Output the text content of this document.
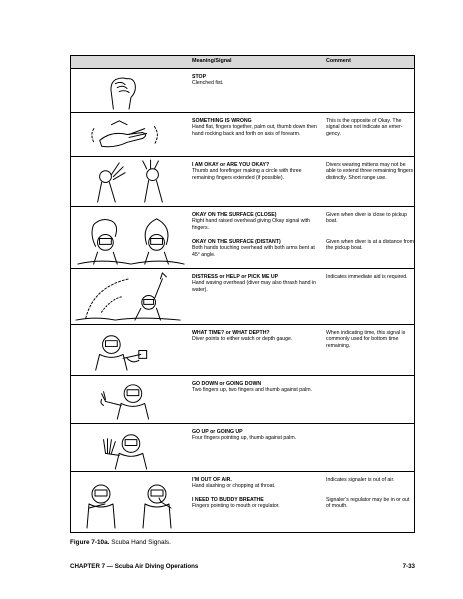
Meaning/Signal	Comment
STOP
Clenched fist.
SOMETHING IS WRONG
Hand flat, fingers together, palm out, thumb down then hand rocking back and forth on axis of forearm.
This is the opposite of Okay. The signal does not indicate an emer-gency.
I AM OKAY or ARE YOU OKAY?
Thumb and forefinger making a circle with three remaining fingers extended (if possible).
Divers wearing mittens may not be able to extend three remaining fingers distinctly. Short range use.
OKAY ON THE SURFACE (CLOSE)
Right hand raised overhead giving Okay signal with fingers.
OKAY ON THE SURFACE (DISTANT)
Both hands touching overhead with both arms bent at 45° angle.
Given when diver is close to pickup boat.
Given when diver is at a distance from the pickup boat.
DISTRESS or HELP or PICK ME UP
Hand waving overhead (diver may also thrash hand in water).
Indicates immediate aid is required.
WHAT TIME? or WHAT DEPTH?
Diver points to either watch or depth gauge.
When indicating time, this signal is commonly used for bottom time remaining.
GO DOWN or GOING DOWN
Two fingers up, two fingers and thumb against palm.
GO UP or GOING UP
Four fingers pointing up, thumb against palm.
I’M OUT OF AIR.
Hand slashing or chopping at throat.
I NEED TO BUDDY BREATHE
Fingers pointing to mouth or regulator.
Indicates signaler is out of air.
Signaler’s regulator may be in or out of mouth.
Figure 7-10a. Scuba Hand Signals.
CHAPTER 7 — Scuba Air Diving Operations	7-33
